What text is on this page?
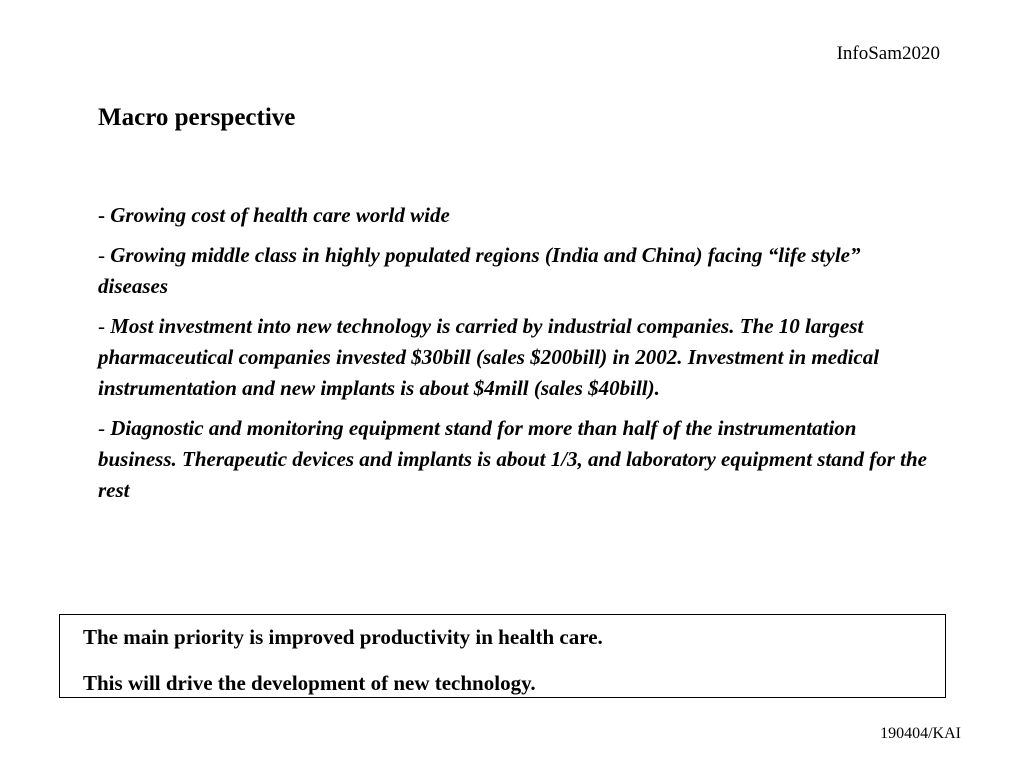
InfoSam2020
Macro perspective
- Growing cost of health care world wide
- Growing middle class in highly populated regions (India and China) facing “life style” diseases
- Most investment into new technology is carried by industrial companies. The 10 largest pharmaceutical companies invested $30bill (sales $200bill) in 2002. Investment in medical instrumentation and new implants is about $4mill (sales $40bill).
- Diagnostic and monitoring equipment stand for more than half of the instrumentation business. Therapeutic devices and implants is about 1/3, and laboratory equipment stand for the rest

The main priority is improved productivity in health care.

This will drive the development of new technology.

190404/KAI
